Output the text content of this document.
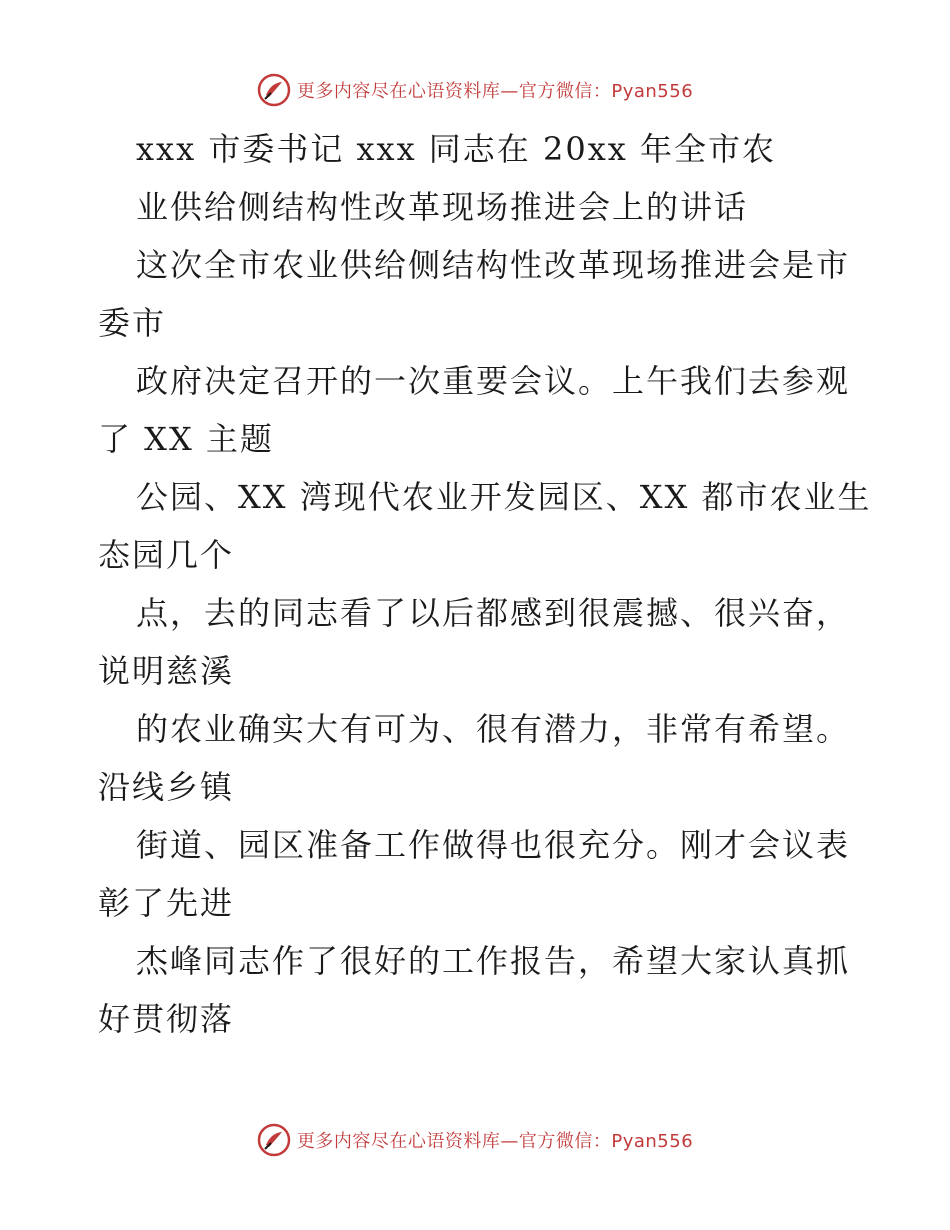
更多内容尽在心语资料库—官方微信：Pyan556
xxx 市委书记 xxx 同志在 20xx 年全市农
业供给侧结构性改革现场推进会上的讲话
这次全市农业供给侧结构性改革现场推进会是市
委市
政府决定召开的一次重要会议。上午我们去参观
了 XX 主题
公园、XX 湾现代农业开发园区、XX 都市农业生
态园几个
点，去的同志看了以后都感到很震撼、很兴奋，
说明慈溪
的农业确实大有可为、很有潜力，非常有希望。
沿线乡镇
街道、园区准备工作做得也很充分。刚才会议表
彰了先进
杰峰同志作了很好的工作报告，希望大家认真抓
好贯彻落
更多内容尽在心语资料库—官方微信：Pyan556
